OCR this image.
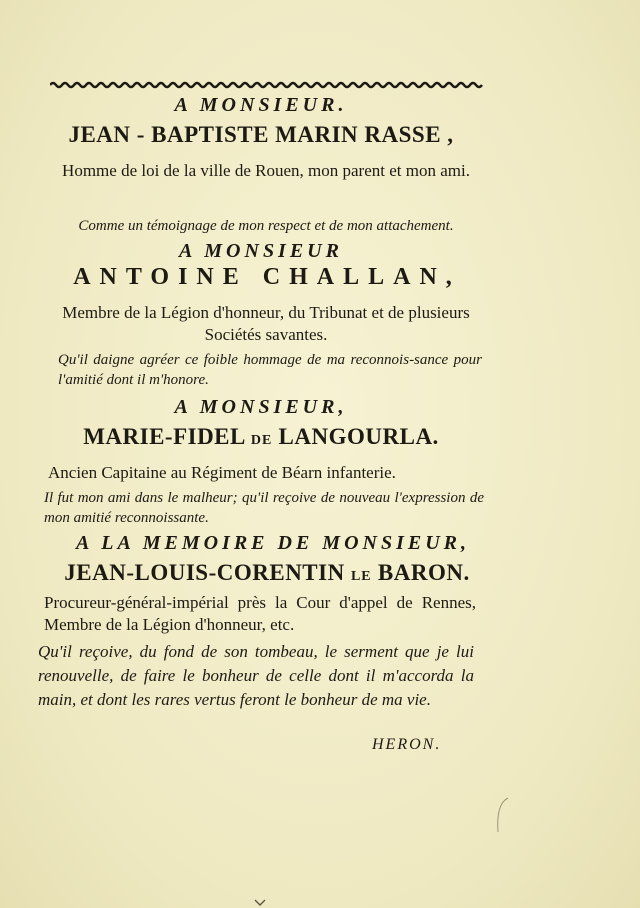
A MONSIEUR.
JEAN - BAPTISTE MARIN RASSE ,
Homme de loi de la ville de Rouen, mon parent et mon ami.
Comme un témoignage de mon respect et de mon attachement.
A MONSIEUR
ANTOINE CHALLAN,
Membre de la Légion d'honneur, du Tribunat et de plusieurs Sociétés savantes.
Qu'il daigne agréer ce foible hommage de ma reconnois-sance pour l'amitié dont il m'honore.
A MONSIEUR,
MARIE-FIDEL DE LANGOURLA.
Ancien Capitaine au Régiment de Béarn infanterie.
Il fut mon ami dans le malheur; qu'il reçoive de nouveau l'expression de mon amitié reconnoissante.
A LA MEMOIRE DE MONSIEUR,
JEAN-LOUIS-CORENTIN LE BARON.
Procureur-général-impérial près la Cour d'appel de Rennes, Membre de la Légion d'honneur, etc.
Qu'il reçoive, du fond de son tombeau, le serment que je lui renouvelle, de faire le bonheur de celle dont il m'accorda la main, et dont les rares vertus feront le bonheur de ma vie.
HERON.
